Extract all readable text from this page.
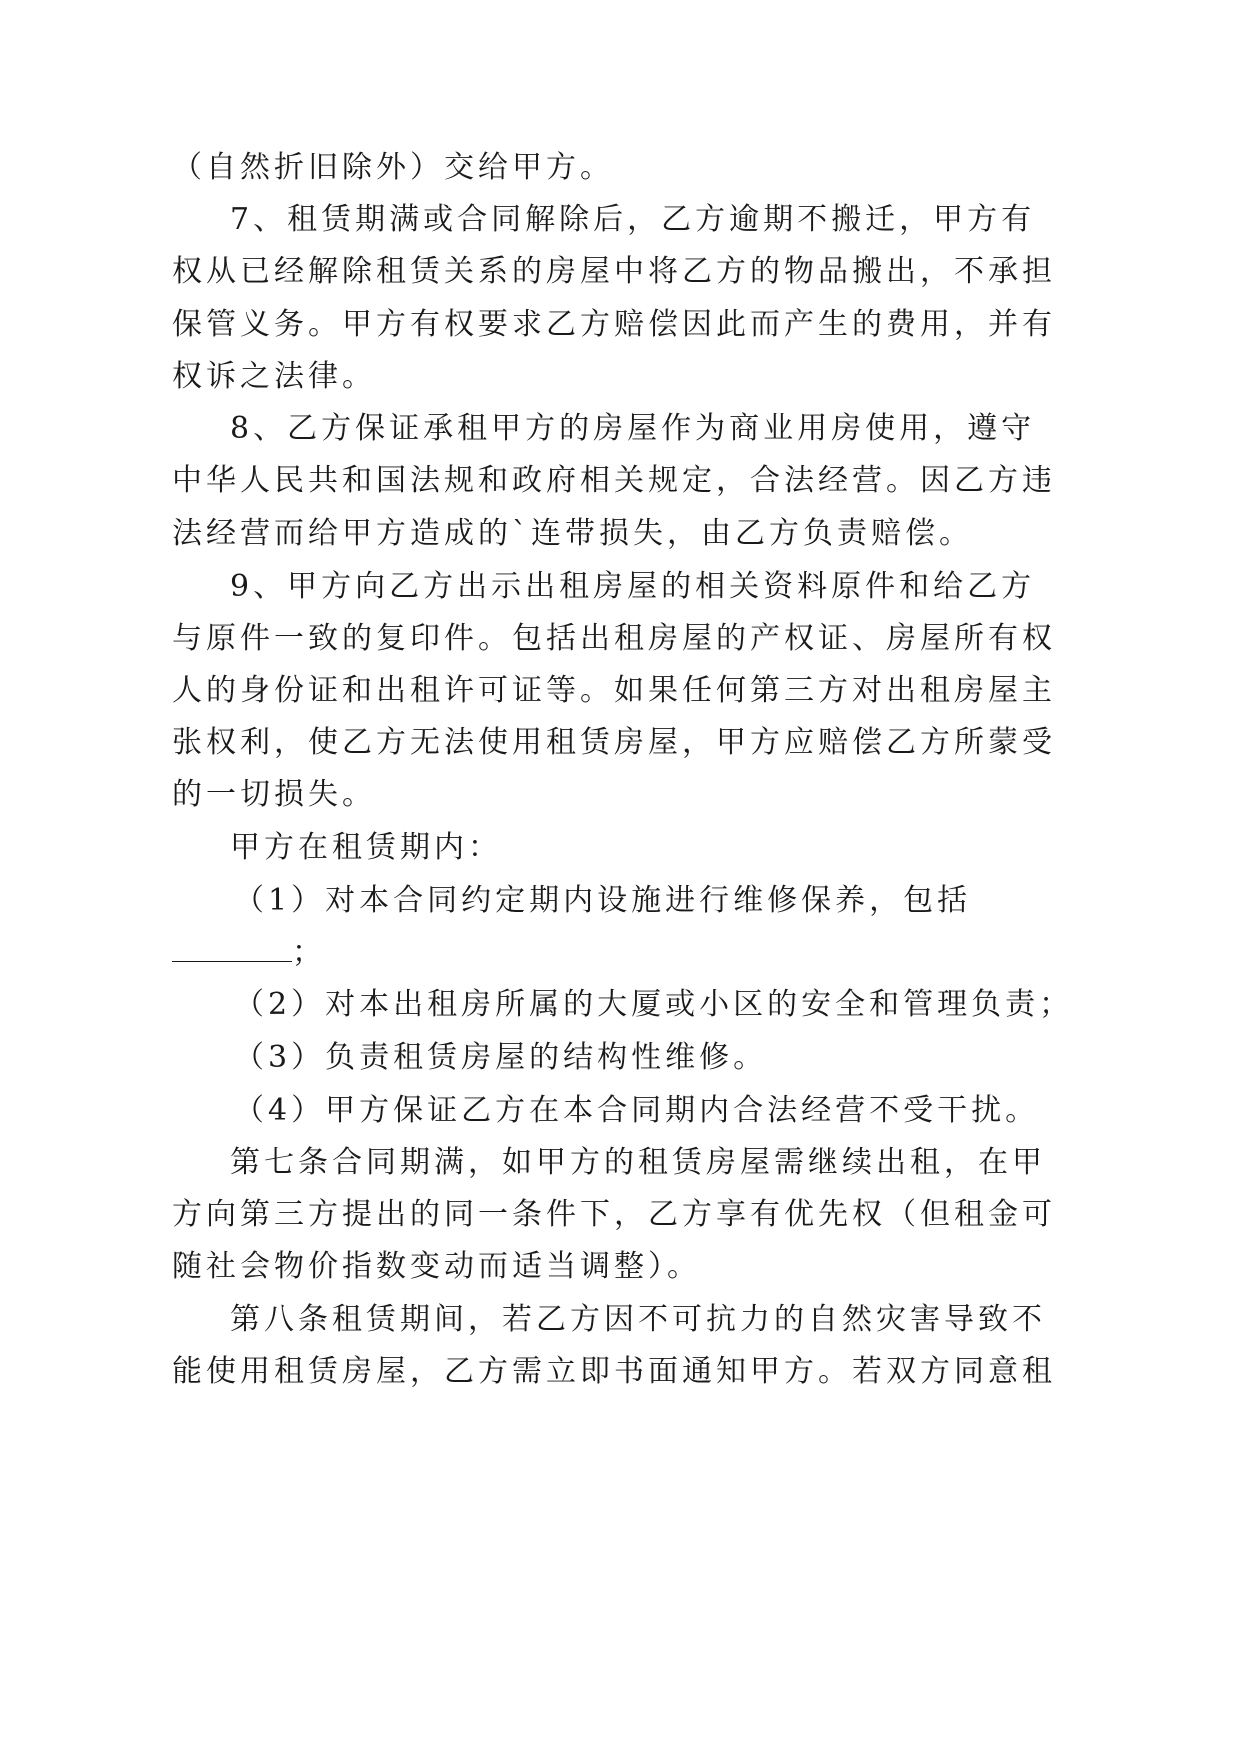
（自然折旧除外）交给甲方。
7、租赁期满或合同解除后，乙方逾期不搬迁，甲方有
权从已经解除租赁关系的房屋中将乙方的物品搬出，不承担
保管义务。甲方有权要求乙方赔偿因此而产生的费用，并有
权诉之法律。
8、乙方保证承租甲方的房屋作为商业用房使用，遵守
中华人民共和国法规和政府相关规定，合法经营。因乙方违
法经营而给甲方造成的`连带损失，由乙方负责赔偿。
9、甲方向乙方出示出租房屋的相关资料原件和给乙方
与原件一致的复印件。包括出租房屋的产权证、房屋所有权
人的身份证和出租许可证等。如果任何第三方对出租房屋主
张权利，使乙方无法使用租赁房屋，甲方应赔偿乙方所蒙受
的一切损失。
甲方在租赁期内：
（1）对本合同约定期内设施进行维修保养，包括
；
（2）对本出租房所属的大厦或小区的安全和管理负责；
（3）负责租赁房屋的结构性维修。
（4）甲方保证乙方在本合同期内合法经营不受干扰。
第七条合同期满，如甲方的租赁房屋需继续出租，在甲
方向第三方提出的同一条件下，乙方享有优先权（但租金可
随社会物价指数变动而适当调整）。
第八条租赁期间，若乙方因不可抗力的自然灾害导致不
能使用租赁房屋，乙方需立即书面通知甲方。若双方同意租
